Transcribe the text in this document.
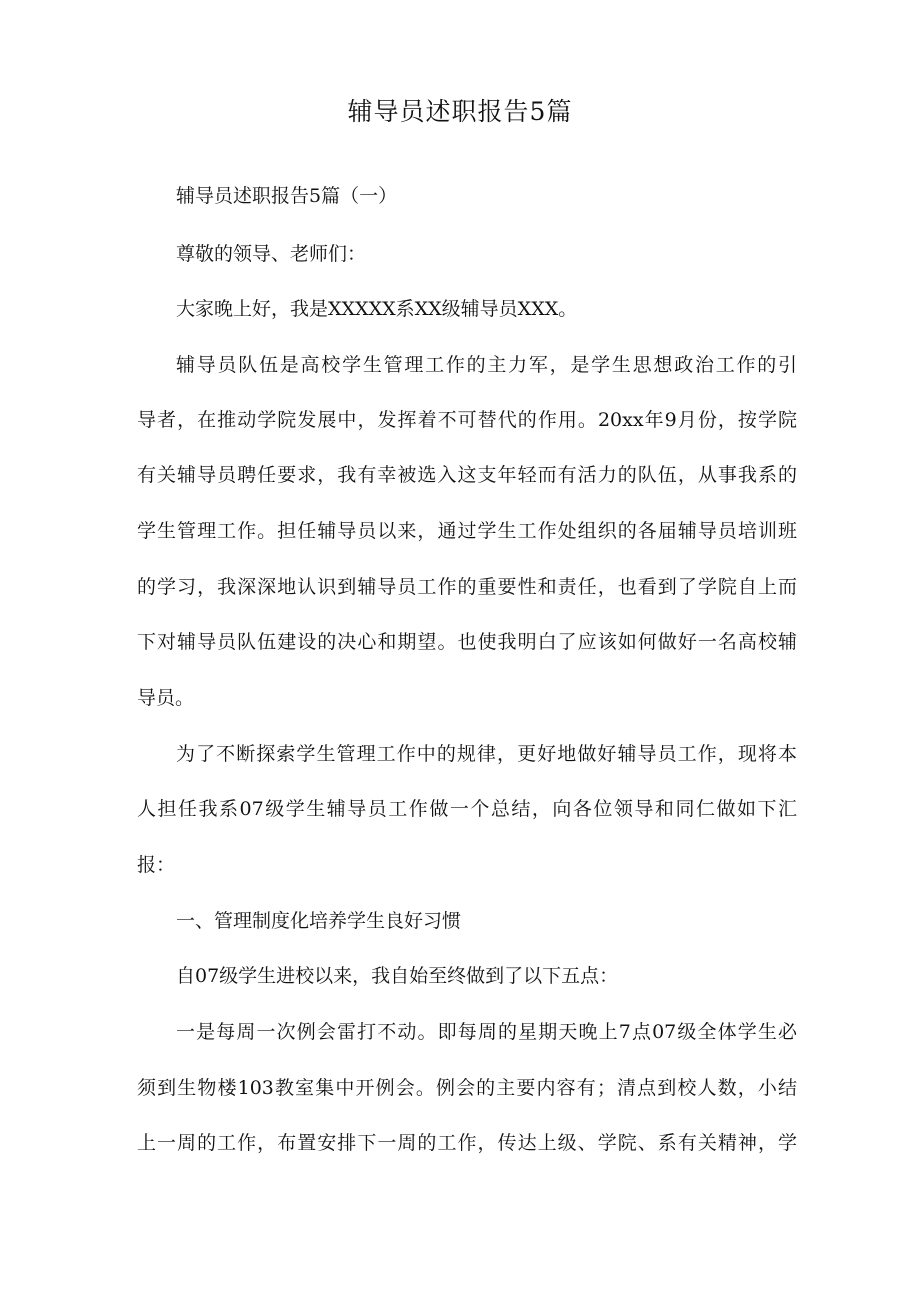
辅导员述职报告5篇
辅导员述职报告5篇（一）
尊敬的领导、老师们：
大家晚上好，我是XXXXX系XX级辅导员XXX。
辅导员队伍是高校学生管理工作的主力军，是学生思想政治工作的引
导者，在推动学院发展中，发挥着不可替代的作用。20xx年9月份，按学院
有关辅导员聘任要求，我有幸被选入这支年轻而有活力的队伍，从事我系的
学生管理工作。担任辅导员以来，通过学生工作处组织的各届辅导员培训班
的学习，我深深地认识到辅导员工作的重要性和责任，也看到了学院自上而
下对辅导员队伍建设的决心和期望。也使我明白了应该如何做好一名高校辅
导员。
为了不断探索学生管理工作中的规律，更好地做好辅导员工作，现将本
人担任我系07级学生辅导员工作做一个总结，向各位领导和同仁做如下汇
报：
一、管理制度化培养学生良好习惯
自07级学生进校以来，我自始至终做到了以下五点：
一是每周一次例会雷打不动。即每周的星期天晚上7点07级全体学生必
须到生物楼103教室集中开例会。例会的主要内容有；清点到校人数，小结
上一周的工作，布置安排下一周的工作，传达上级、学院、系有关精神，学
